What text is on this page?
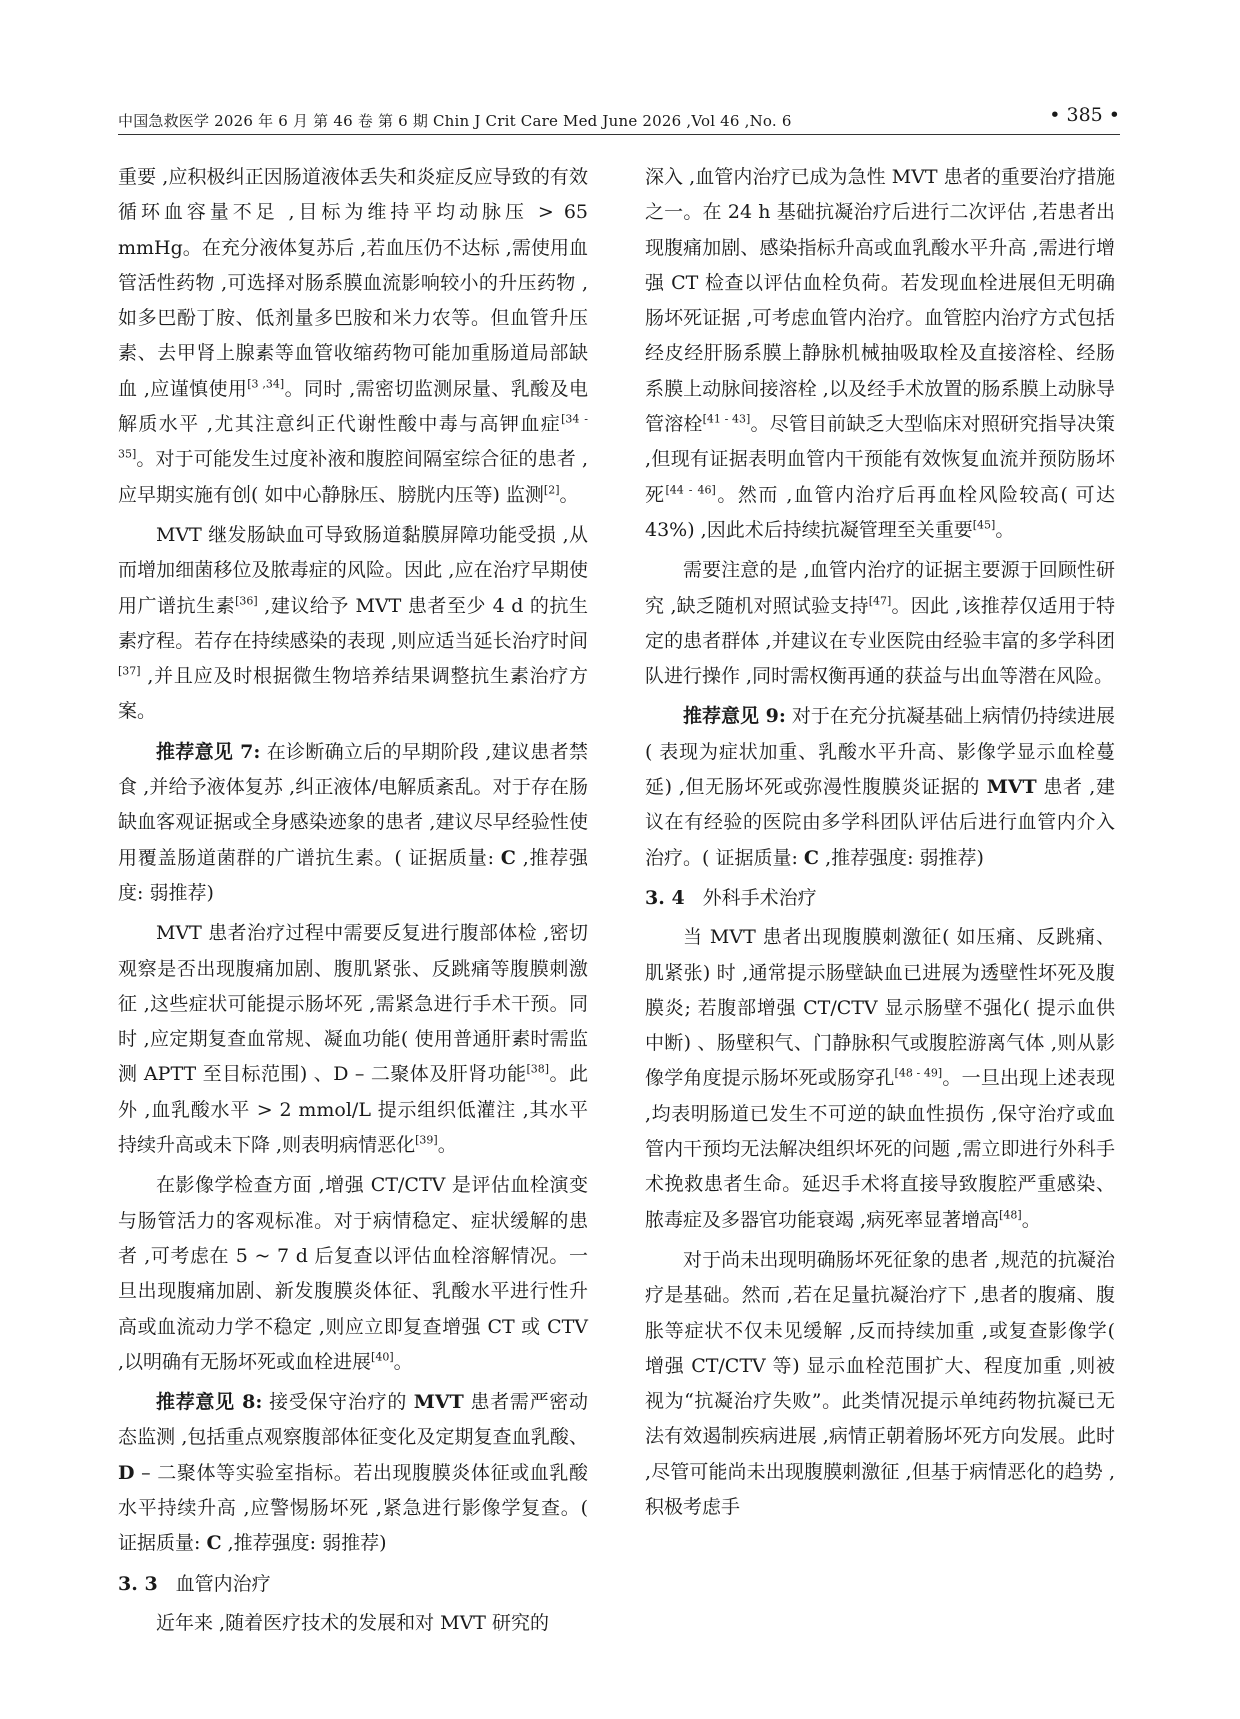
中国急救医学 2026 年 6 月 第 46 卷 第 6 期 Chin J Crit Care Med June 2026 ,Vol 46 ,No. 6	• 385 •

重要 ,应积极纠正因肠道液体丢失和炎症反应导致的有效循环血容量不足 ,目标为维持平均动脉压 > 65 mmHg。在充分液体复苏后 ,若血压仍不达标 ,需使用血管活性药物 ,可选择对肠系膜血流影响较小的升压药物 ,如多巴酚丁胺、低剂量多巴胺和米力农等。但血管升压素、去甲肾上腺素等血管收缩药物可能加重肠道局部缺血 ,应谨慎使用[3 ,34]。同时 ,需密切监测尿量、乳酸及电解质水平 ,尤其注意纠正代谢性酸中毒与高钾血症[34 - 35]。对于可能发生过度补液和腹腔间隔室综合征的患者 ,应早期实施有创( 如中心静脉压、膀胱内压等) 监测[2]。

MVT 继发肠缺血可导致肠道黏膜屏障功能受损 ,从而增加细菌移位及脓毒症的风险。因此 ,应在治疗早期使用广谱抗生素[36] ,建议给予 MVT 患者至少 4 d 的抗生素疗程。若存在持续感染的表现 ,则应适当延长治疗时间[37] ,并且应及时根据微生物培养结果调整抗生素治疗方案。

推荐意见 7: 在诊断确立后的早期阶段 ,建议患者禁食 ,并给予液体复苏 ,纠正液体/电解质紊乱。对于存在肠缺血客观证据或全身感染迹象的患者 ,建议尽早经验性使用覆盖肠道菌群的广谱抗生素。( 证据质量: C ,推荐强度: 弱推荐)

MVT 患者治疗过程中需要反复进行腹部体检 ,密切观察是否出现腹痛加剧、腹肌紧张、反跳痛等腹膜刺激征 ,这些症状可能提示肠坏死 ,需紧急进行手术干预。同时 ,应定期复查血常规、凝血功能( 使用普通肝素时需监测 APTT 至目标范围) 、D – 二聚体及肝肾功能[38]。此外 ,血乳酸水平 > 2 mmol/L 提示组织低灌注 ,其水平持续升高或未下降 ,则表明病情恶化[39]。

在影像学检查方面 ,增强 CT/CTV 是评估血栓演变与肠管活力的客观标准。对于病情稳定、症状缓解的患者 ,可考虑在 5 ~ 7 d 后复查以评估血栓溶解情况。一旦出现腹痛加剧、新发腹膜炎体征、乳酸水平进行性升高或血流动力学不稳定 ,则应立即复查增强 CT 或 CTV ,以明确有无肠坏死或血栓进展[40]。

推荐意见 8: 接受保守治疗的 MVT 患者需严密动态监测 ,包括重点观察腹部体征变化及定期复查血乳酸、D – 二聚体等实验室指标。若出现腹膜炎体征或血乳酸水平持续升高 ,应警惕肠坏死 ,紧急进行影像学复查。( 证据质量: C ,推荐强度: 弱推荐)

3. 3 血管内治疗

近年来 ,随着医疗技术的发展和对 MVT 研究的

深入 ,血管内治疗已成为急性 MVT 患者的重要治疗措施之一。在 24 h 基础抗凝治疗后进行二次评估 ,若患者出现腹痛加剧、感染指标升高或血乳酸水平升高 ,需进行增强 CT 检查以评估血栓负荷。若发现血栓进展但无明确肠坏死证据 ,可考虑血管内治疗。血管腔内治疗方式包括经皮经肝肠系膜上静脉机械抽吸取栓及直接溶栓、经肠系膜上动脉间接溶栓 ,以及经手术放置的肠系膜上动脉导管溶栓[41 - 43]。尽管目前缺乏大型临床对照研究指导决策 ,但现有证据表明血管内干预能有效恢复血流并预防肠坏死[44 - 46]。然而 ,血管内治疗后再血栓风险较高( 可达 43%) ,因此术后持续抗凝管理至关重要[45]。

需要注意的是 ,血管内治疗的证据主要源于回顾性研究 ,缺乏随机对照试验支持[47]。因此 ,该推荐仅适用于特定的患者群体 ,并建议在专业医院由经验丰富的多学科团队进行操作 ,同时需权衡再通的获益与出血等潜在风险。

推荐意见 9: 对于在充分抗凝基础上病情仍持续进展( 表现为症状加重、乳酸水平升高、影像学显示血栓蔓延) ,但无肠坏死或弥漫性腹膜炎证据的 MVT 患者 ,建议在有经验的医院由多学科团队评估后进行血管内介入治疗。( 证据质量: C ,推荐强度: 弱推荐)

3. 4 外科手术治疗

当 MVT 患者出现腹膜刺激征( 如压痛、反跳痛、肌紧张) 时 ,通常提示肠壁缺血已进展为透壁性坏死及腹膜炎; 若腹部增强 CT/CTV 显示肠壁不强化( 提示血供中断) 、肠壁积气、门静脉积气或腹腔游离气体 ,则从影像学角度提示肠坏死或肠穿孔[48 - 49]。一旦出现上述表现 ,均表明肠道已发生不可逆的缺血性损伤 ,保守治疗或血管内干预均无法解决组织坏死的问题 ,需立即进行外科手术挽救患者生命。延迟手术将直接导致腹腔严重感染、脓毒症及多器官功能衰竭 ,病死率显著增高[48]。

对于尚未出现明确肠坏死征象的患者 ,规范的抗凝治疗是基础。然而 ,若在足量抗凝治疗下 ,患者的腹痛、腹胀等症状不仅未见缓解 ,反而持续加重 ,或复查影像学( 增强 CT/CTV 等) 显示血栓范围扩大、程度加重 ,则被视为“抗凝治疗失败”。此类情况提示单纯药物抗凝已无法有效遏制疾病进展 ,病情正朝着肠坏死方向发展。此时 ,尽管可能尚未出现腹膜刺激征 ,但基于病情恶化的趋势 ,积极考虑手
